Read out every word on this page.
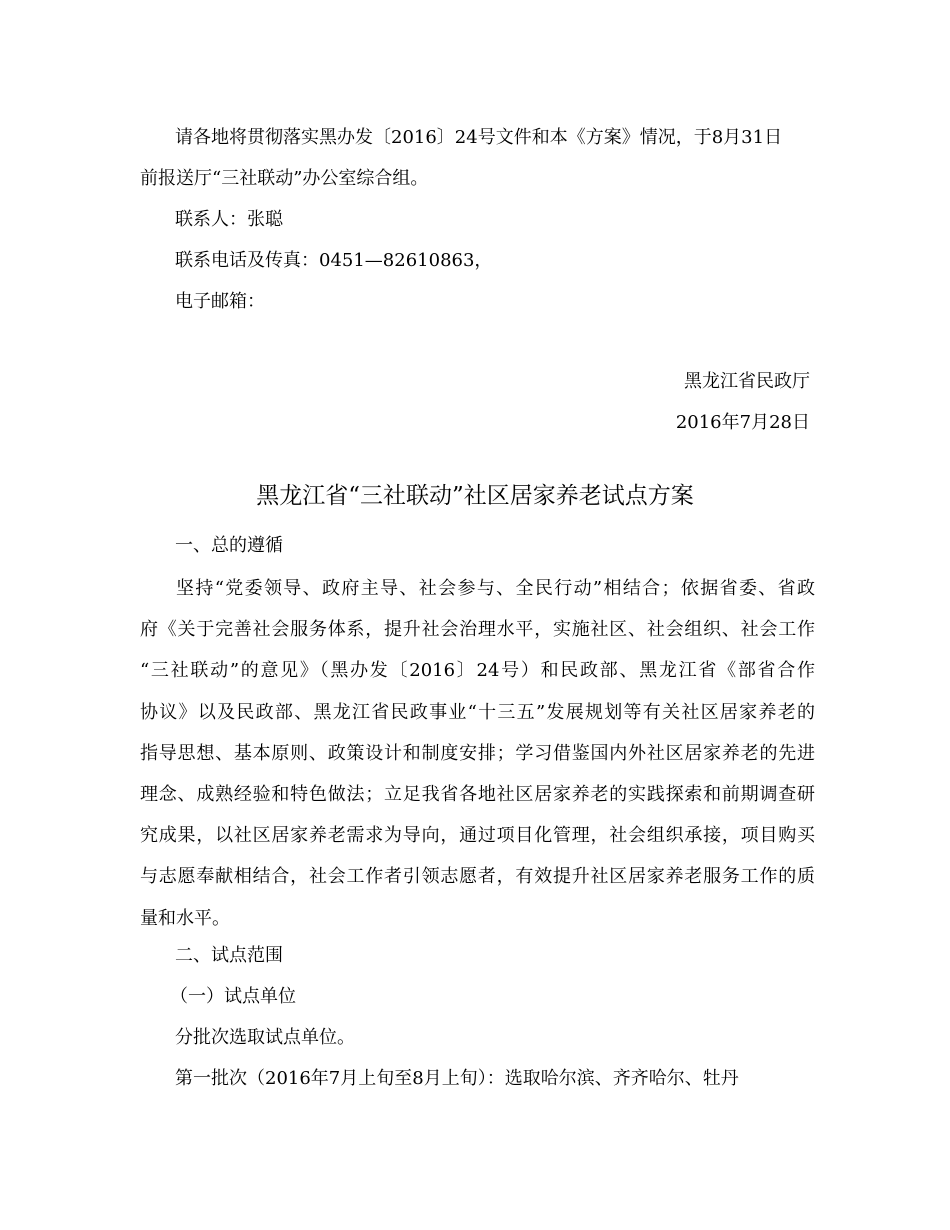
请各地将贯彻落实黑办发〔2016〕24号文件和本《方案》情况，于8月31日
前报送厅“三社联动”办公室综合组。
联系人：张聪
联系电话及传真：0451—82610863，
电子邮箱：
黑龙江省民政厅
2016年7月28日
黑龙江省“三社联动”社区居家养老试点方案
一、总的遵循
坚持“党委领导、政府主导、社会参与、全民行动”相结合；依据省委、省政
府《关于完善社会服务体系，提升社会治理水平，实施社区、社会组织、社会工作
“三社联动”的意见》（黑办发〔2016〕24号）和民政部、黑龙江省《部省合作
协议》以及民政部、黑龙江省民政事业“十三五”发展规划等有关社区居家养老的
指导思想、基本原则、政策设计和制度安排；学习借鉴国内外社区居家养老的先进
理念、成熟经验和特色做法；立足我省各地社区居家养老的实践探索和前期调查研
究成果，以社区居家养老需求为导向，通过项目化管理，社会组织承接，项目购买
与志愿奉献相结合，社会工作者引领志愿者，有效提升社区居家养老服务工作的质
量和水平。
二、试点范围
（一）试点单位
分批次选取试点单位。
第一批次（2016年7月上旬至8月上旬）：选取哈尔滨、齐齐哈尔、牡丹
